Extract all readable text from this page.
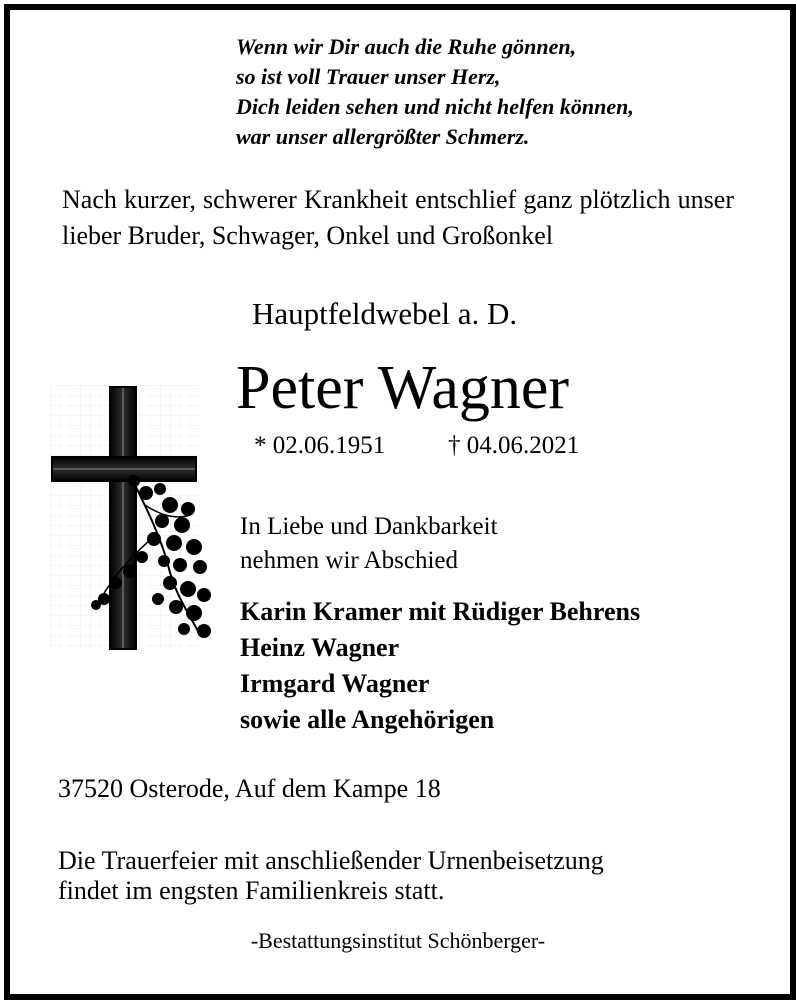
Wenn wir Dir auch die Ruhe gönnen,
so ist voll Trauer unser Herz,
Dich leiden sehen und nicht helfen können,
war unser allergrößter Schmerz.
Nach kurzer, schwerer Krankheit entschlief ganz plötzlich unser lieber Bruder, Schwager, Onkel und Großonkel
Hauptfeldwebel a. D.
Peter Wagner
* 02.06.1951	† 04.06.2021
In Liebe und Dankbarkeit
nehmen wir Abschied
Karin Kramer mit Rüdiger Behrens
Heinz Wagner
Irmgard Wagner
sowie alle Angehörigen
37520 Osterode, Auf dem Kampe 18
Die Trauerfeier mit anschließender Urnenbeisetzung
findet im engsten Familienkreis statt.
-Bestattungsinstitut Schönberger-
